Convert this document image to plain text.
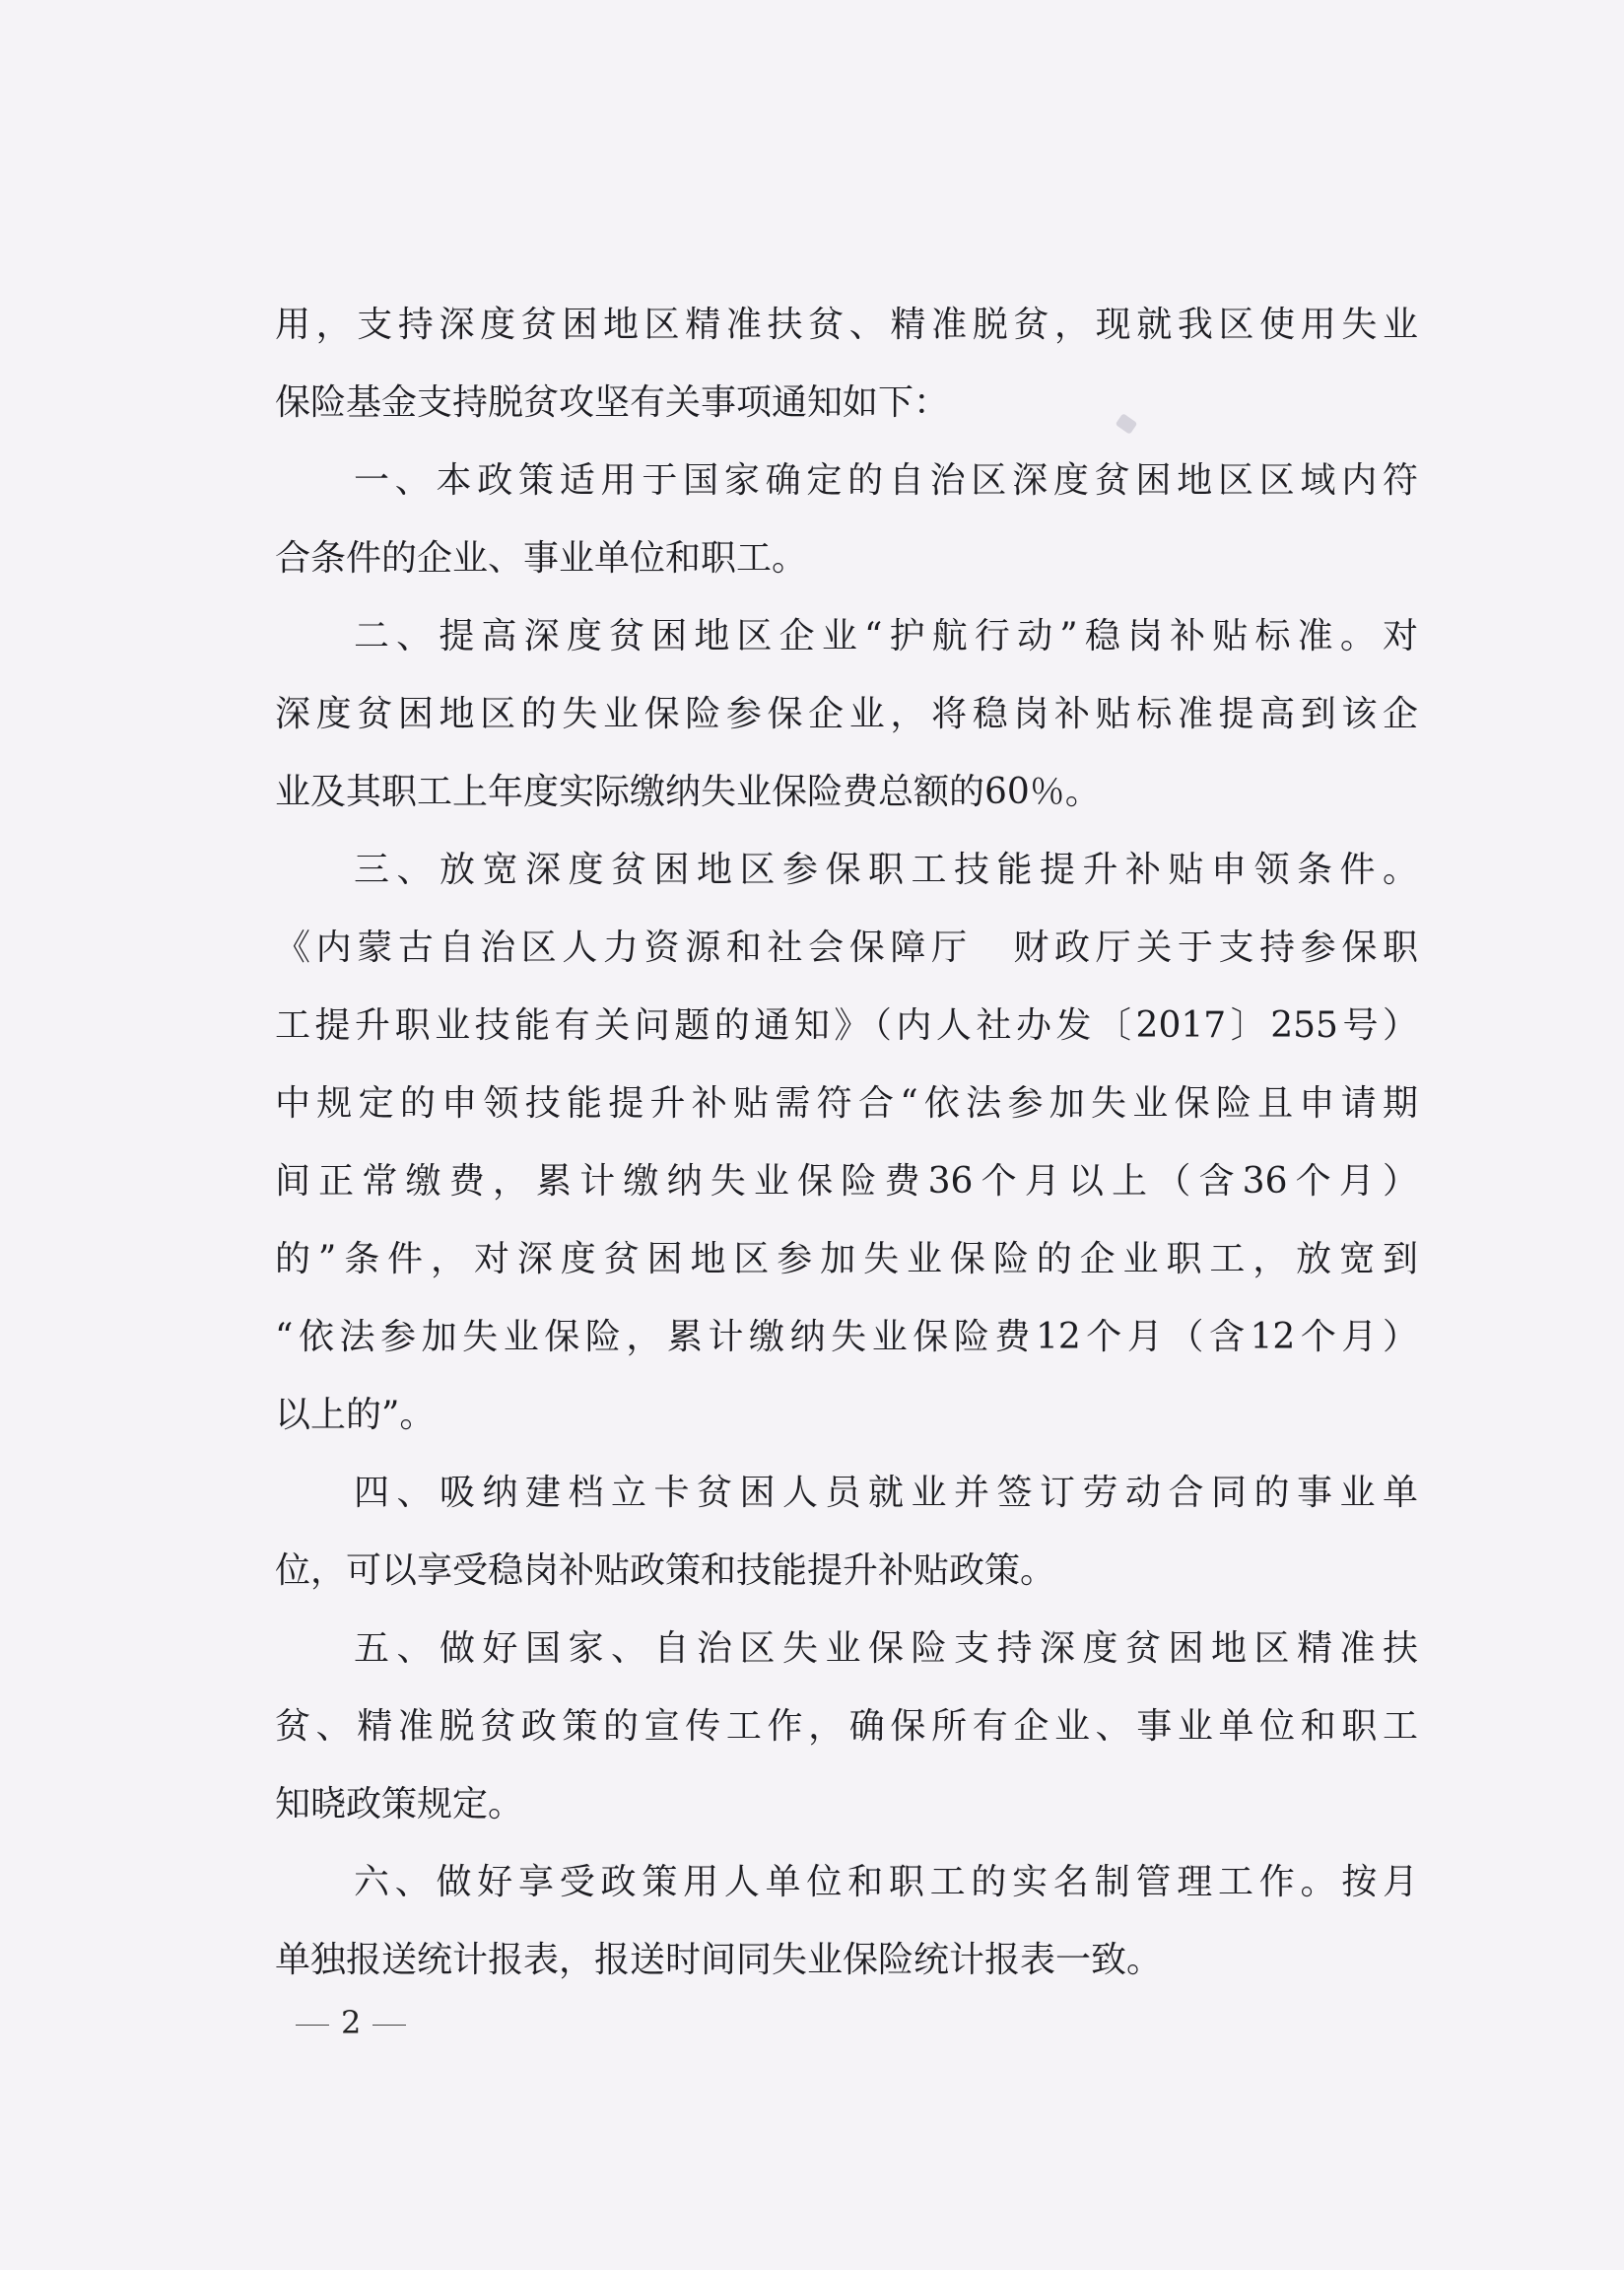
用，支持深度贫困地区精准扶贫、精准脱贫，现就我区使用失业
保险基金支持脱贫攻坚有关事项通知如下：
一、本政策适用于国家确定的自治区深度贫困地区区域内符
合条件的企业、事业单位和职工。
二、提高深度贫困地区企业“护航行动”稳岗补贴标准。对
深度贫困地区的失业保险参保企业，将稳岗补贴标准提高到该企
业及其职工上年度实际缴纳失业保险费总额的60％。
三、放宽深度贫困地区参保职工技能提升补贴申领条件。
《内蒙古自治区人力资源和社会保障厅　财政厅关于支持参保职
工提升职业技能有关问题的通知》（内人社办发〔2017〕255号）
中规定的申领技能提升补贴需符合“依法参加失业保险且申请期
间正常缴费，累计缴纳失业保险费36个月以上（含36个月）
的”条件，对深度贫困地区参加失业保险的企业职工，放宽到
“依法参加失业保险，累计缴纳失业保险费12个月（含12个月）
以上的”。
四、吸纳建档立卡贫困人员就业并签订劳动合同的事业单
位，可以享受稳岗补贴政策和技能提升补贴政策。
五、做好国家、自治区失业保险支持深度贫困地区精准扶
贫、精准脱贫政策的宣传工作，确保所有企业、事业单位和职工
知晓政策规定。
六、做好享受政策用人单位和职工的实名制管理工作。按月
单独报送统计报表，报送时间同失业保险统计报表一致。
2
